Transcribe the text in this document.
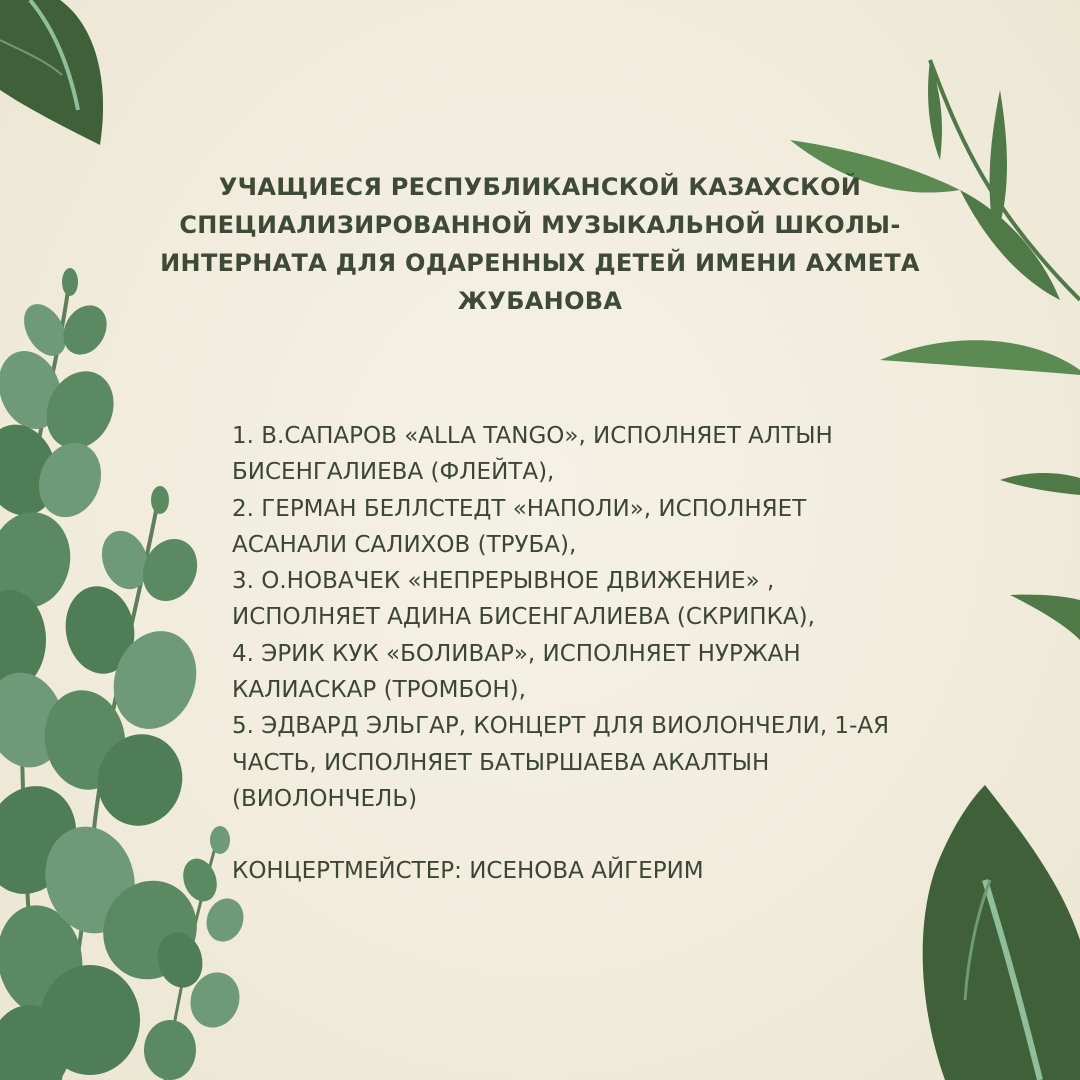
УЧАЩИЕСЯ РЕСПУБЛИКАНСКОЙ КАЗАХСКОЙ СПЕЦИАЛИЗИРОВАННОЙ МУЗЫКАЛЬНОЙ ШКОЛЫ-ИНТЕРНАТА ДЛЯ ОДАРЕННЫХ ДЕТЕЙ ИМЕНИ АХМЕТА ЖУБАНОВА
1. В.САПАРОВ «ALLA TANGO», ИСПОЛНЯЕТ АЛТЫН БИСЕНГАЛИЕВА (ФЛЕЙТА),
2. ГЕРМАН БЕЛЛСТЕДТ «НАПОЛИ», ИСПОЛНЯЕТ АСАНАЛИ САЛИХОВ (ТРУБА),
3. О.НОВАЧЕК «НЕПРЕРЫВНОЕ ДВИЖЕНИЕ» , ИСПОЛНЯЕТ АДИНА БИСЕНГАЛИЕВА (СКРИПКА),
4. ЭРИК КУК «БОЛИВАР», ИСПОЛНЯЕТ НУРЖАН КАЛИАСКАР (ТРОМБОН),
5. ЭДВАРД ЭЛЬГАР, КОНЦЕРТ ДЛЯ ВИОЛОНЧЕЛИ, 1-АЯ ЧАСТЬ, ИСПОЛНЯЕТ БАТЫРШАЕВА АКАЛТЫН (ВИОЛОНЧЕЛЬ)
КОНЦЕРТМЕЙСТЕР: ИСЕНОВА АЙГЕРИМ
